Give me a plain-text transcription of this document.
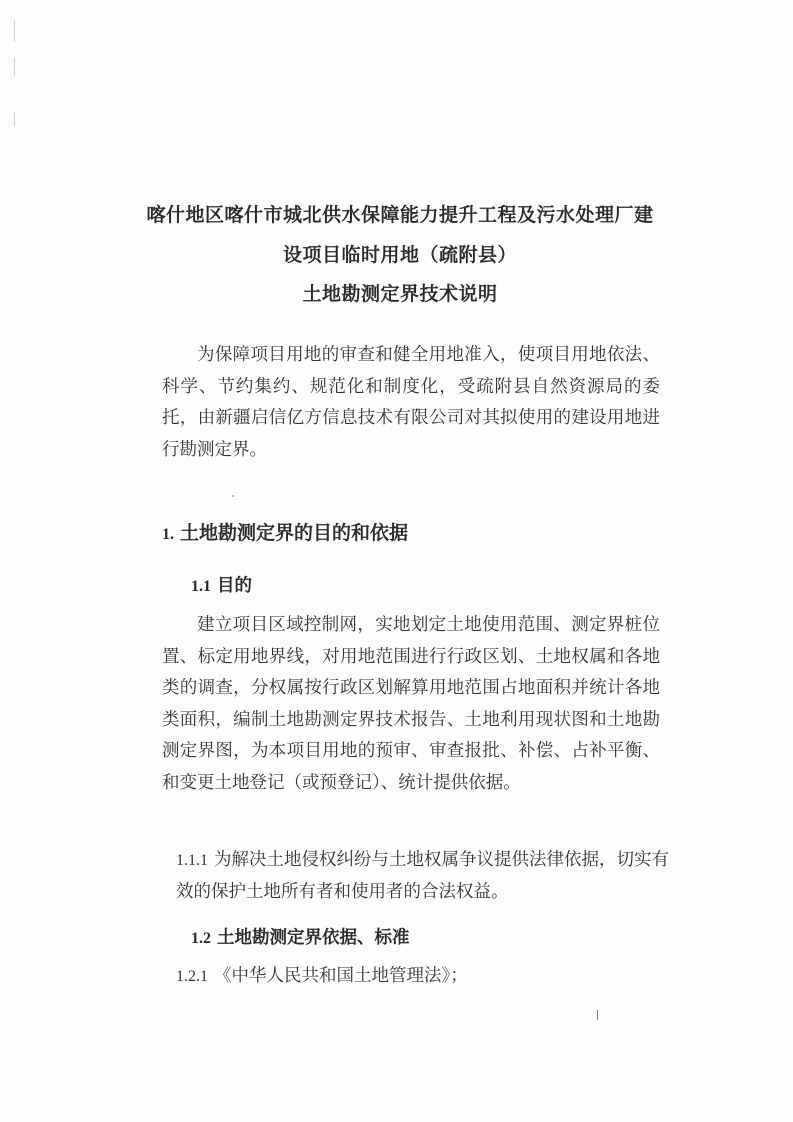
喀什地区喀什市城北供水保障能力提升工程及污水处理厂建
设项目临时用地（疏附县）
土地勘测定界技术说明
为保障项目用地的审查和健全用地准入，使项目用地依法、科学、节约集约、规范化和制度化，受疏附县自然资源局的委托，由新疆启信亿方信息技术有限公司对其拟使用的建设用地进行勘测定界。
1. 土地勘测定界的目的和依据
1.1 目的
建立项目区域控制网，实地划定土地使用范围、测定界桩位置、标定用地界线，对用地范围进行行政区划、土地权属和各地类的调查，分权属按行政区划解算用地范围占地面积并统计各地类面积，编制土地勘测定界技术报告、土地利用现状图和土地勘测定界图，为本项目用地的预审、审查报批、补偿、占补平衡、和变更土地登记（或预登记）、统计提供依据。
1.1.1 为解决土地侵权纠纷与土地权属争议提供法律依据，切实有
效的保护土地所有者和使用者的合法权益。
1.2 土地勘测定界依据、标准
1.2.1 《中华人民共和国土地管理法》；
